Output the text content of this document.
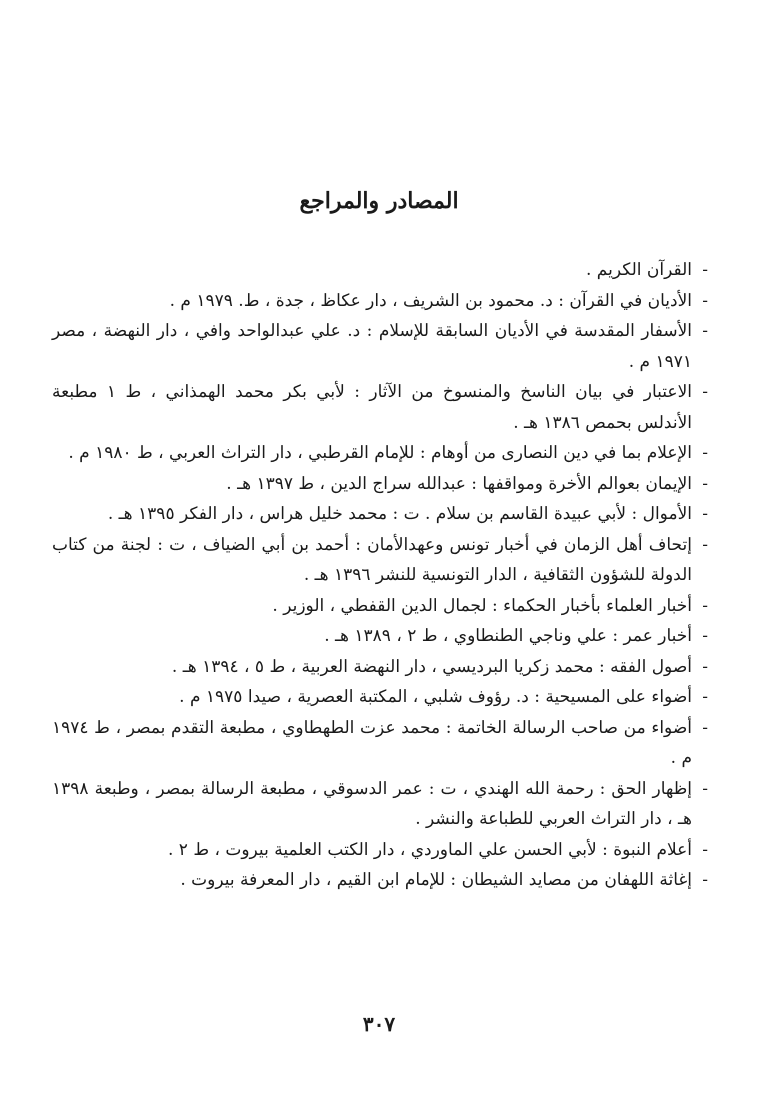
المصادر والمراجع

-
القرآن الكريم .

-
الأديان في القرآن : د. محمود بن الشريف ، دار عكاظ ، جدة ، ط. ١٩٧٩ م .

-
الأسفار المقدسة في الأديان السابقة للإسلام : د. علي عبدالواحد وافي ، دار النهضة ، مصر ١٩٧١ م .

-
الاعتبار في بيان الناسخ والمنسوخ من الآثار : لأبي بكر محمد الهمذاني ، ط ١ مطبعة الأندلس بحمص ١٣٨٦ هـ .

-
الإعلام بما في دين النصارى من أوهام : للإمام القرطبي ، دار التراث العربي ، ط ١٩٨٠ م .

-
الإيمان بعوالم الأخرة ومواقفها : عبدالله سراج الدين ، ط ١٣٩٧ هـ .

-
الأموال : لأبي عبيدة القاسم بن سلام . ت : محمد خليل هراس ، دار الفكر ١٣٩٥ هـ .

-
إتحاف أهل الزمان في أخبار تونس وعهدالأمان : أحمد بن أبي الضياف ، ت : لجنة من كتاب الدولة للشؤون الثقافية ، الدار التونسية للنشر ١٣٩٦ هـ .

-
أخبار العلماء بأخبار الحكماء : لجمال الدين القفطي ، الوزير .

-
أخبار عمر : علي وناجي الطنطاوي ، ط ٢ ، ١٣٨٩ هـ .

-
أصول الفقه : محمد زكريا البرديسي ، دار النهضة العربية ، ط ٥ ، ١٣٩٤ هـ .

-
أضواء على المسيحية : د. رؤوف شلبي ، المكتبة العصرية ، صيدا ١٩٧٥ م .

-
أضواء من صاحب الرسالة الخاتمة : محمد عزت الطهطاوي ، مطبعة التقدم بمصر ، ط ١٩٧٤ م .

-
إظهار الحق : رحمة الله الهندي ، ت : عمر الدسوقي ، مطبعة الرسالة بمصر ، وطبعة ١٣٩٨ هـ ، دار التراث العربي للطباعة والنشر .

-
أعلام النبوة : لأبي الحسن علي الماوردي ، دار الكتب العلمية بيروت ، ط ٢ .

-
إغاثة اللهفان من مصايد الشيطان : للإمام ابن القيم ، دار المعرفة بيروت .

٣٠٧
